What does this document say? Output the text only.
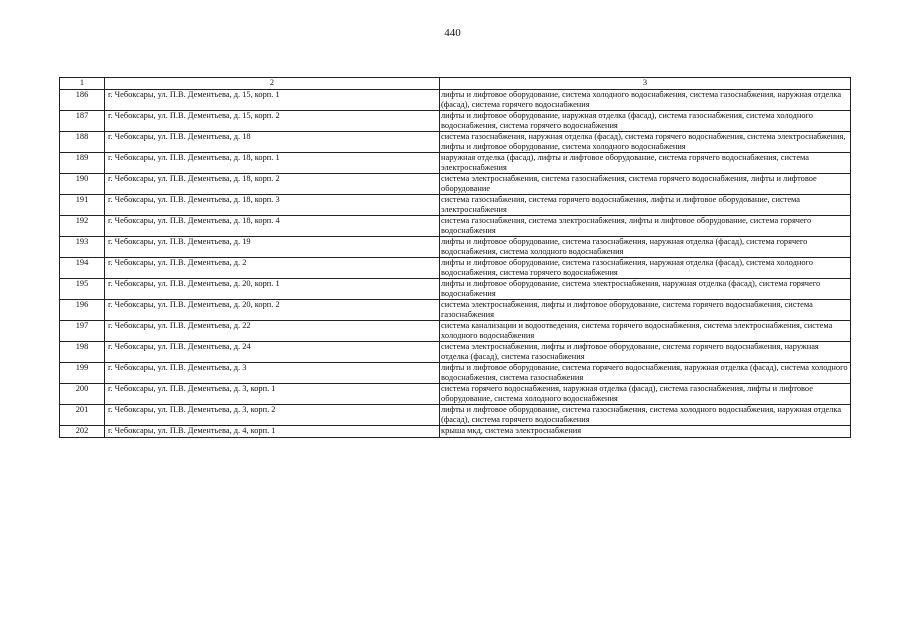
440
1	2	3
186	г. Чебоксары, ул. П.В. Дементьева, д. 15, корп. 1	лифты и лифтовое оборудование, система холодного водоснабжения, система газоснабжения, наружная отделка (фасад), система горячего водоснабжения
187	г. Чебоксары, ул. П.В. Дементьева, д. 15, корп. 2	лифты и лифтовое оборудование, наружная отделка (фасад), система газоснабжения, система холодного водоснабжения, система горячего водоснабжения
188	г. Чебоксары, ул. П.В. Дементьева, д. 18	система газоснабжения, наружная отделка (фасад), система горячего водоснабжения, система электроснабжения, лифты и лифтовое оборудование, система холодного водоснабжения
189	г. Чебоксары, ул. П.В. Дементьева, д. 18, корп. 1	наружная отделка (фасад), лифты и лифтовое оборудование, система горячего водоснабжения, система электроснабжения
190	г. Чебоксары, ул. П.В. Дементьева, д. 18, корп. 2	система электроснабжения, система газоснабжения, система горячего водоснабжения, лифты и лифтовое оборудование
191	г. Чебоксары, ул. П.В. Дементьева, д. 18, корп. 3	система газоснабжения, система горячего водоснабжения, лифты и лифтовое оборудование, система электроснабжения
192	г. Чебоксары, ул. П.В. Дементьева, д. 18, корп. 4	система газоснабжения, система электроснабжения, лифты и лифтовое оборудование, система горячего водоснабжения
193	г. Чебоксары, ул. П.В. Дементьева, д. 19	лифты и лифтовое оборудование, система газоснабжения, наружная отделка (фасад), система горячего водоснабжения, система холодного водоснабжения
194	г. Чебоксары, ул. П.В. Дементьева, д. 2	лифты и лифтовое оборудование, система газоснабжения, наружная отделка (фасад), система холодного водоснабжения, система горячего водоснабжения
195	г. Чебоксары, ул. П.В. Дементьева, д. 20, корп. 1	лифты и лифтовое оборудование, система электроснабжения, наружная отделка (фасад), система горячего водоснабжения
196	г. Чебоксары, ул. П.В. Дементьева, д. 20, корп. 2	система электроснабжения, лифты и лифтовое оборудование, система горячего водоснабжения, система газоснабжения
197	г. Чебоксары, ул. П.В. Дементьева, д. 22	система канализации и водоотведения, система горячего водоснабжения, система электроснабжения, система холодного водоснабжения
198	г. Чебоксары, ул. П.В. Дементьева, д. 24	система электроснабжения, лифты и лифтовое оборудование, система горячего водоснабжения, наружная отделка (фасад), система газоснабжения
199	г. Чебоксары, ул. П.В. Дементьева, д. 3	лифты и лифтовое оборудование, система горячего водоснабжения, наружная отделка (фасад), система холодного водоснабжения, система газоснабжения
200	г. Чебоксары, ул. П.В. Дементьева, д. 3, корп. 1	система горячего водоснабжения, наружная отделка (фасад), система газоснабжения, лифты и лифтовое оборудование, система холодного водоснабжения
201	г. Чебоксары, ул. П.В. Дементьева, д. 3, корп. 2	лифты и лифтовое оборудование, система газоснабжения, система холодного водоснабжения, наружная отделка (фасад), система горячего водоснабжения
202	г. Чебоксары, ул. П.В. Дементьева, д. 4, корп. 1	крыша мкд, система электроснабжения
